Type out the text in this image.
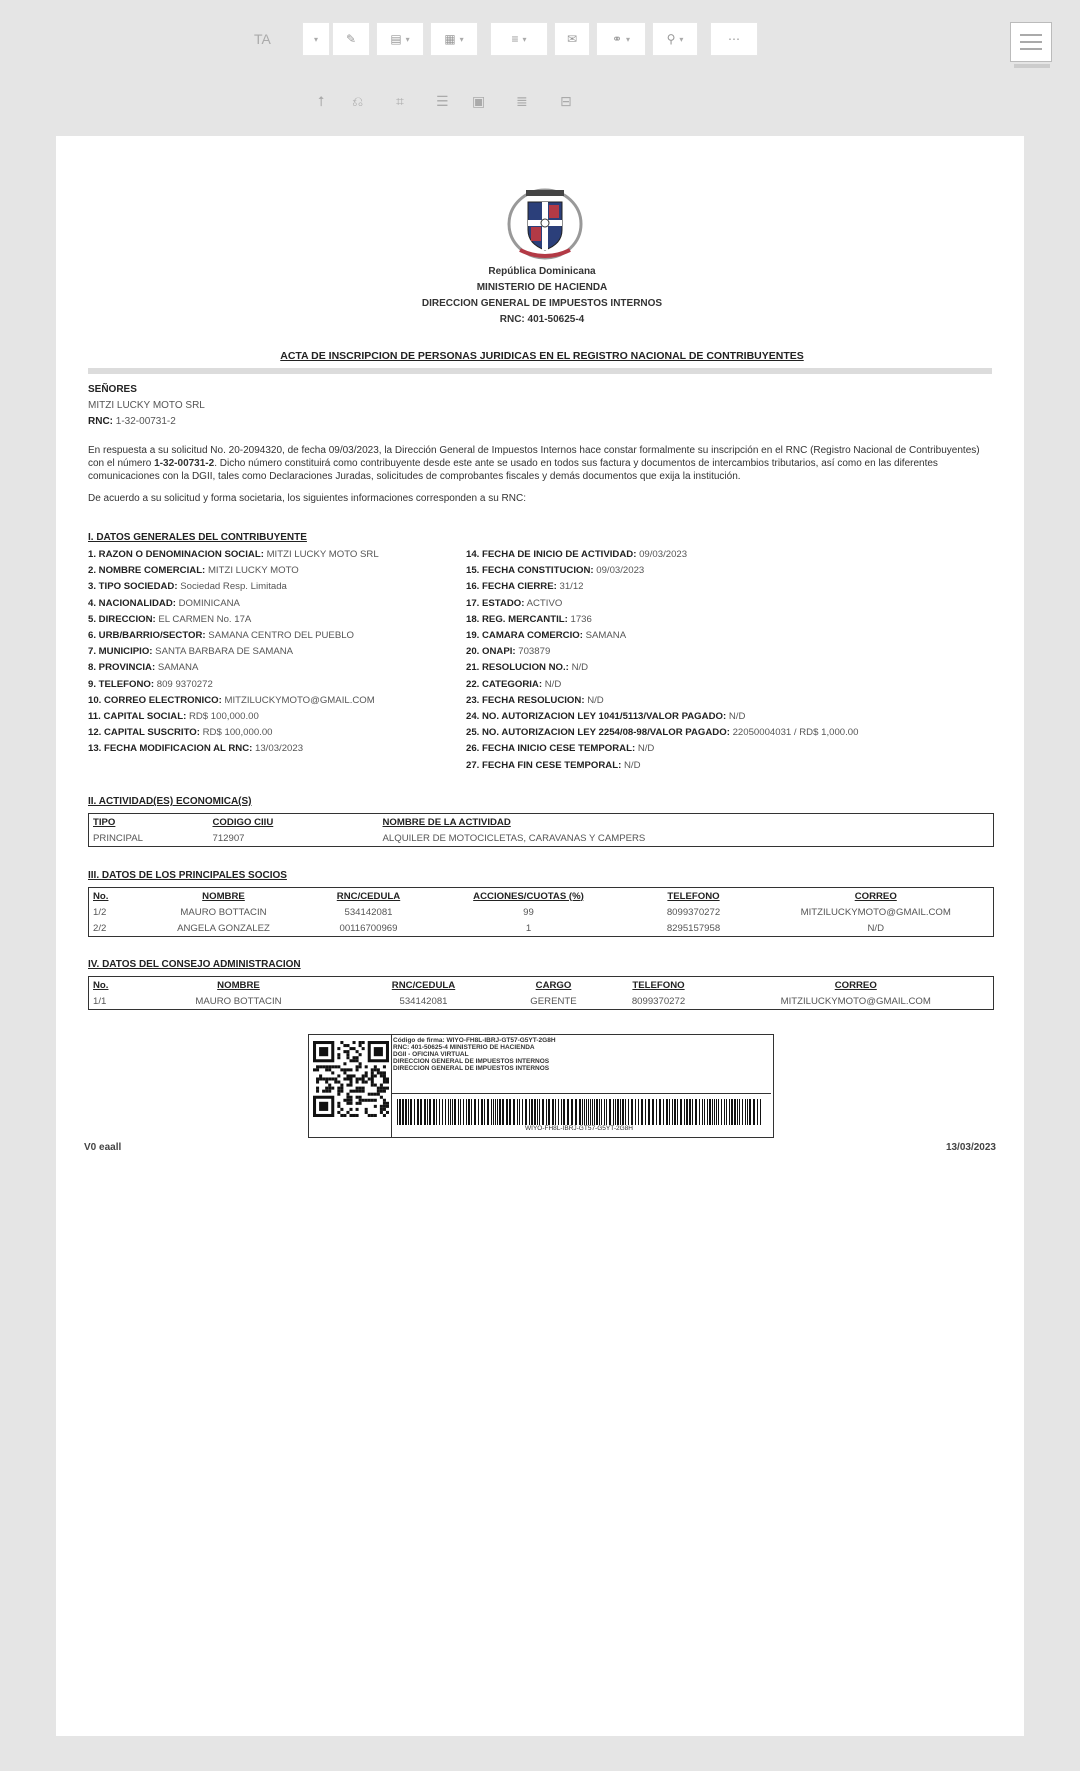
TA	▾ ✎	▤ ▾	▦ ▾	≡ ▾	✉	⚭ ▾	⚲ ▾	⋯
⭡ ⎌ ⌗ ☰ ▣ ≣ ⊟
República Dominicana
MINISTERIO DE HACIENDA
DIRECCION GENERAL DE IMPUESTOS INTERNOS
RNC: 401-50625-4
ACTA DE INSCRIPCION DE PERSONAS JURIDICAS EN EL REGISTRO NACIONAL DE CONTRIBUYENTES
SEÑORES
MITZI LUCKY MOTO SRL
RNC: 1-32-00731-2
En respuesta a su solicitud No. 20-2094320, de fecha 09/03/2023, la Dirección General de Impuestos Internos hace constar formalmente su inscripción en el RNC (Registro Nacional de Contribuyentes) con el número 1-32-00731-2. Dicho número constituirá como contribuyente desde este ante se usado en todos sus factura y documentos de intercambios tributarios, así como en las diferentes comunicaciones con la DGII, tales como Declaraciones Juradas, solicitudes de comprobantes fiscales y demás documentos que exija la institución.
De acuerdo a su solicitud y forma societaria, los siguientes informaciones corresponden a su RNC:
I. DATOS GENERALES DEL CONTRIBUYENTE
1. RAZON O DENOMINACION SOCIAL: MITZI LUCKY MOTO SRL
2. NOMBRE COMERCIAL: MITZI LUCKY MOTO
3. TIPO SOCIEDAD: Sociedad Resp. Limitada
4. NACIONALIDAD: DOMINICANA
5. DIRECCION: EL CARMEN No. 17A
6. URB/BARRIO/SECTOR: SAMANA CENTRO DEL PUEBLO
7. MUNICIPIO: SANTA BARBARA DE SAMANA
8. PROVINCIA: SAMANA
9. TELEFONO: 809 9370272
10. CORREO ELECTRONICO: MITZILUCKYMOTO@GMAIL.COM
11. CAPITAL SOCIAL: RD$ 100,000.00
12. CAPITAL SUSCRITO: RD$ 100,000.00
13. FECHA MODIFICACION AL RNC: 13/03/2023
14. FECHA DE INICIO DE ACTIVIDAD: 09/03/2023
15. FECHA CONSTITUCION: 09/03/2023
16. FECHA CIERRE: 31/12
17. ESTADO: ACTIVO
18. REG. MERCANTIL: 1736
19. CAMARA COMERCIO: SAMANA
20. ONAPI: 703879
21. RESOLUCION NO.: N/D
22. CATEGORIA: N/D
23. FECHA RESOLUCION: N/D
24. NO. AUTORIZACION LEY 1041/5113/VALOR PAGADO: N/D
25. NO. AUTORIZACION LEY 2254/08-98/VALOR PAGADO: 22050004031 / RD$ 1,000.00
26. FECHA INICIO CESE TEMPORAL: N/D
27. FECHA FIN CESE TEMPORAL: N/D
II. ACTIVIDAD(ES) ECONOMICA(S)
TIPO	CODIGO CIIU	NOMBRE DE LA ACTIVIDAD
PRINCIPAL	712907	ALQUILER DE MOTOCICLETAS, CARAVANAS Y CAMPERS
III. DATOS DE LOS PRINCIPALES SOCIOS
No.	NOMBRE	RNC/CEDULA	ACCIONES/CUOTAS (%)	TELEFONO	CORREO
1/2	MAURO BOTTACIN	534142081	99	8099370272	MITZILUCKYMOTO@GMAIL.COM
2/2	ANGELA GONZALEZ	00116700969	1	8295157958	N/D
IV. DATOS DEL CONSEJO ADMINISTRACION
No.	NOMBRE	RNC/CEDULA	CARGO	TELEFONO	CORREO
1/1	MAURO BOTTACIN	534142081	GERENTE	8099370272	MITZILUCKYMOTO@GMAIL.COM
Código de firma: WIYO-FH8L-IBRJ-GT57-G5YT-2G8H
RNC: 401-50625-4 MINISTERIO DE HACIENDA
DGII - OFICINA VIRTUAL
DIRECCION GENERAL DE IMPUESTOS INTERNOS
DIRECCION GENERAL DE IMPUESTOS INTERNOS
WIYO-FH8L-IBRJ-GT57-G5YT-2G8H
V0 eaall	13/03/2023
